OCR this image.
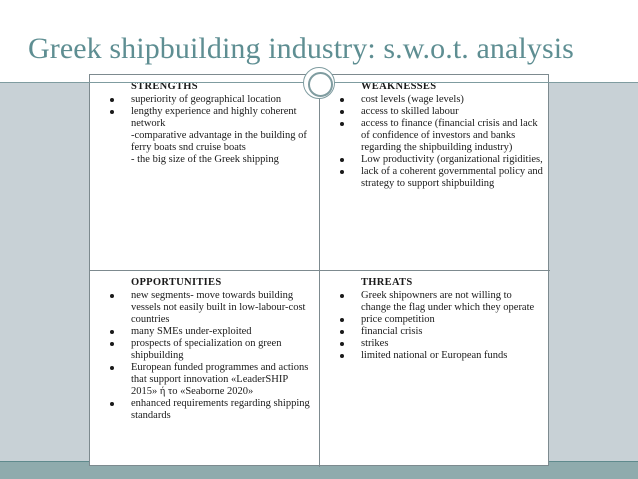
STRENGTHS
superiority of geographical location
lengthy experience and highly coherent network
-comparative advantage in the building of ferry boats snd cruise boats
- the big size of the Greek shipping
WEAKNESSES
cost levels (wage levels)
access to skilled labour
access to finance (financial crisis and lack of confidence of investors and banks regarding the shipbuilding industry)
Low productivity (organizational rigidities,
lack of a coherent governmental policy and strategy to support shipbuilding
OPPORTUNITIES
new segments- move towards building vessels not easily built in low-labour-cost countries
many SMEs under-exploited
prospects of specialization on green shipbuilding
European funded programmes and actions that support innovation «LeaderSHIP 2015» ή το «Seaborne 2020»
enhanced requirements regarding shipping standards
THREATS
Greek shipowners are not willing to change the flag under which they operate
price competition
financial crisis
strikes
limited national or European funds
Greek shipbuilding industry: s.w.o.t. analysis
